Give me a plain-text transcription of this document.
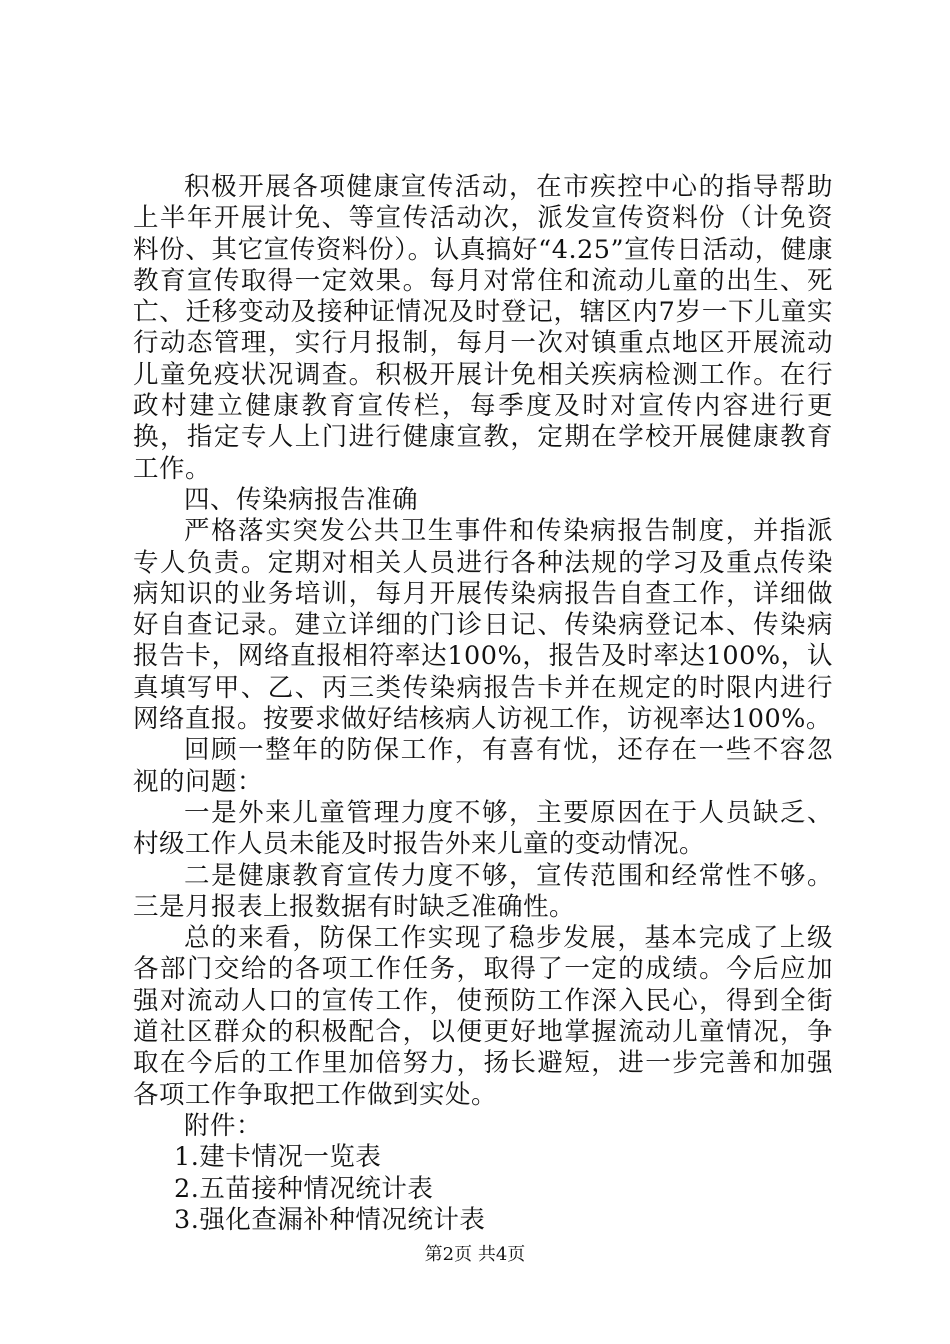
积极开展各项健康宣传活动，在市疾控中心的指导帮助上半年开展计免、等宣传活动次，派发宣传资料份（计免资料份、其它宣传资料份）。认真搞好“4.25”宣传日活动，健康教育宣传取得一定效果。每月对常住和流动儿童的出生、死亡、迁移变动及接种证情况及时登记，辖区内7岁一下儿童实行动态管理，实行月报制，每月一次对镇重点地区开展流动儿童免疫状况调查。积极开展计免相关疾病检测工作。在行政村建立健康教育宣传栏，每季度及时对宣传内容进行更换，指定专人上门进行健康宣教，定期在学校开展健康教育工作。

四、传染病报告准确

严格落实突发公共卫生事件和传染病报告制度，并指派专人负责。定期对相关人员进行各种法规的学习及重点传染病知识的业务培训，每月开展传染病报告自查工作，详细做好自查记录。建立详细的门诊日记、传染病登记本、传染病报告卡，网络直报相符率达100%，报告及时率达100%，认真填写甲、乙、丙三类传染病报告卡并在规定的时限内进行网络直报。按要求做好结核病人访视工作，访视率达100%。

回顾一整年的防保工作，有喜有忧，还存在一些不容忽视的问题：

一是外来儿童管理力度不够，主要原因在于人员缺乏、村级工作人员未能及时报告外来儿童的变动情况。

二是健康教育宣传力度不够，宣传范围和经常性不够。三是月报表上报数据有时缺乏准确性。

总的来看，防保工作实现了稳步发展，基本完成了上级各部门交给的各项工作任务，取得了一定的成绩。今后应加强对流动人口的宣传工作，使预防工作深入民心，得到全街道社区群众的积极配合，以便更好地掌握流动儿童情况，争取在今后的工作里加倍努力，扬长避短，进一步完善和加强各项工作争取把工作做到实处。

附件：

1.建卡情况一览表

2.五苗接种情况统计表

3.强化查漏补种情况统计表

第2页 共4页
